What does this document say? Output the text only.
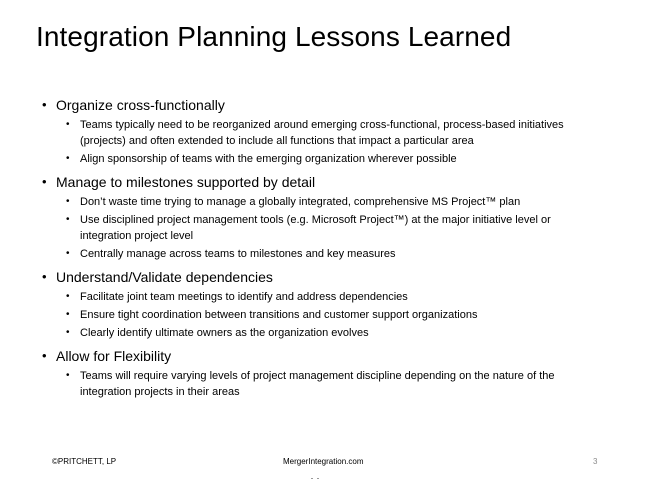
Integration Planning Lessons Learned
• Organize cross-functionally
• Teams typically need to be reorganized around emerging cross-functional, process-based initiatives (projects) and often extended to include all functions that impact a particular area
• Align sponsorship of teams with the emerging organization wherever possible
• Manage to milestones supported by detail
• Don’t waste time trying to manage a globally integrated, comprehensive MS Project™ plan
• Use disciplined project management tools (e.g. Microsoft Project™) at the major initiative level or integration project level
• Centrally manage across teams to milestones and key measures
• Understand/Validate dependencies
• Facilitate joint team meetings to identify and address dependencies
• Ensure tight coordination between transitions and customer support organizations
• Clearly identify ultimate owners as the organization evolves
• Allow for Flexibility
• Teams will require varying levels of project management discipline depending on the nature of the integration projects in their areas
©PRITCHETT, LP	MergerIntegration.com	3
